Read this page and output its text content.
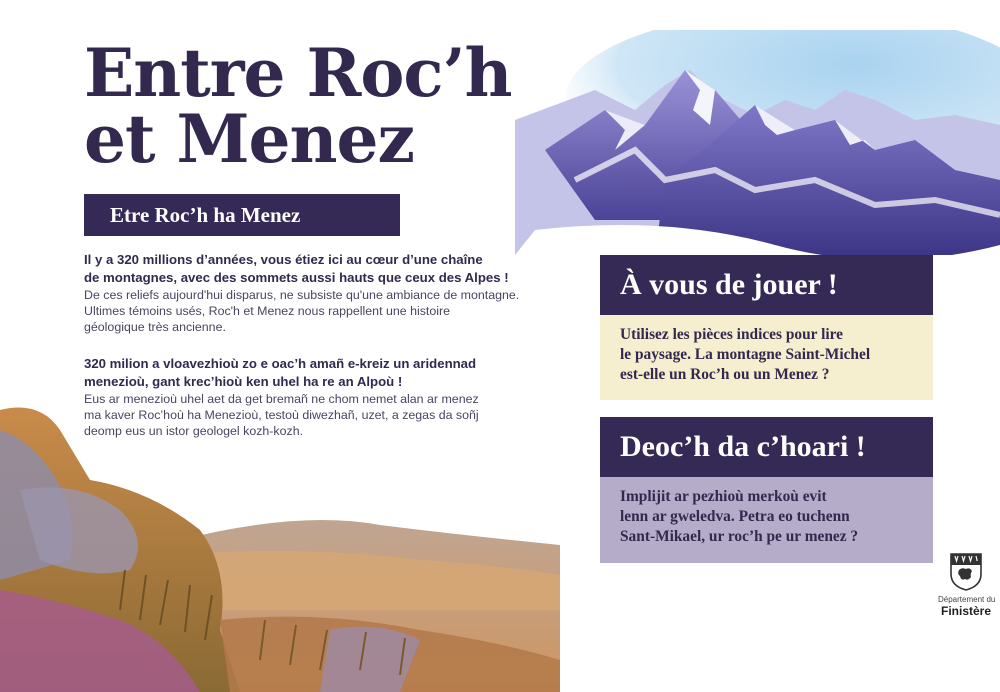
Entre Roc’h
et Menez
Etre Roc’h ha Menez
Il y a 320 millions d’années, vous étiez ici au cœur d’une chaîne
de montagnes, avec des sommets aussi hauts que ceux des Alpes !
De ces reliefs aujourd'hui disparus, ne subsiste qu'une ambiance de montagne.
Ultimes témoins usés, Roc'h et Menez nous rappellent une histoire
géologique très ancienne.
320 milion a vloavezhioù zo e oac’h amañ e-kreiz un aridennad
menezioù, gant krec’hioù ken uhel ha re an Alpoù !
Eus ar menezioù uhel aet da get bremañ ne chom nemet alan ar menez
ma kaver Roc’hoù ha Menezioù, testoù diwezhañ, uzet, a zegas da soñj
deomp eus un istor geologel kozh-kozh.
À vous de jouer !
Utilisez les pièces indices pour lire
le paysage. La montagne Saint-Michel
est-elle un Roc’h ou un Menez ?
Deoc’h da c’hoari !
Implijit ar pezhioù merkoù evit
lenn ar gweledva. Petra eo tuchenn
Sant-Mikael, ur roc’h pe ur menez ?
Département du
Finistère
